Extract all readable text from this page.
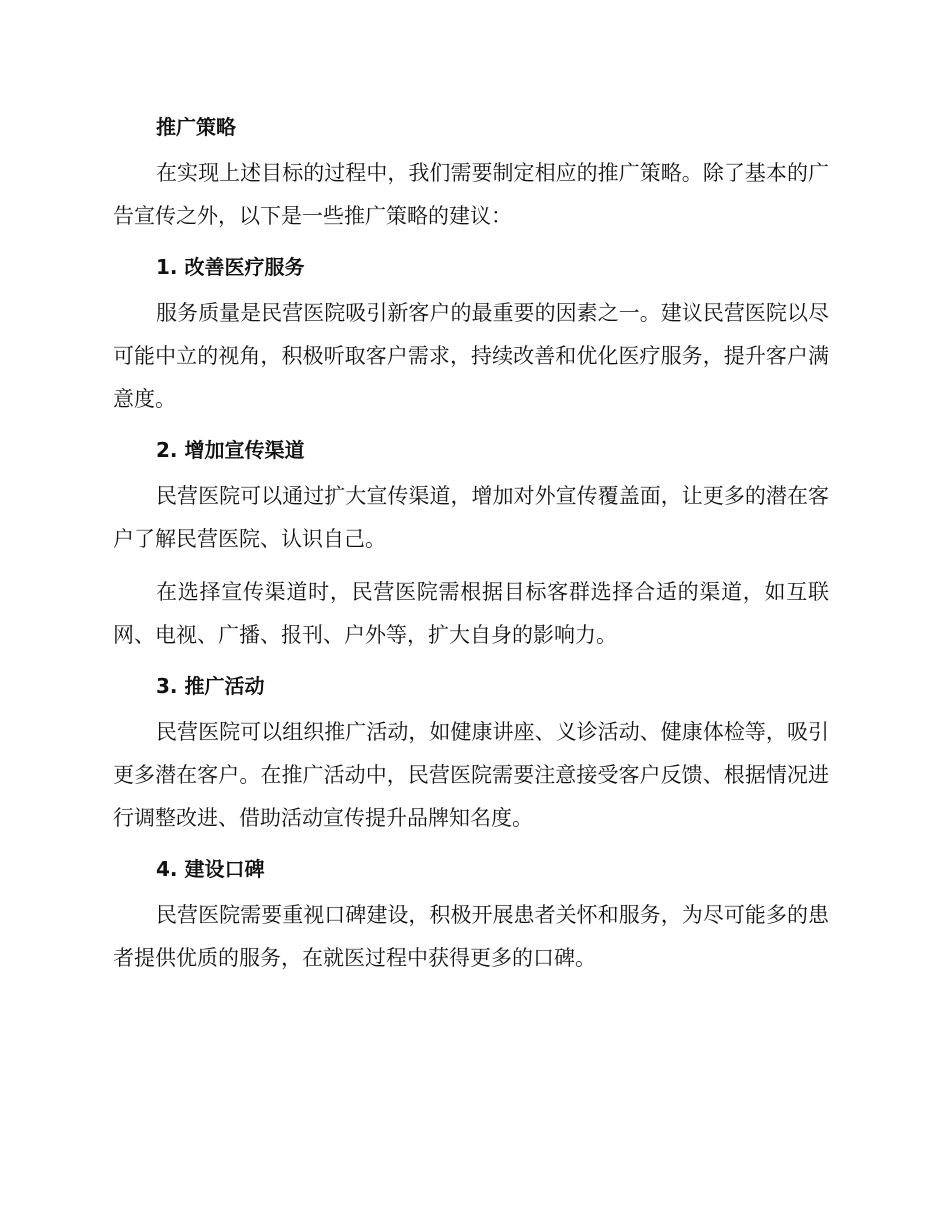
推广策略

在实现上述目标的过程中，我们需要制定相应的推广策略。除了基本的广告宣传之外，以下是一些推广策略的建议：

1. 改善医疗服务

服务质量是民营医院吸引新客户的最重要的因素之一。建议民营医院以尽可能中立的视角，积极听取客户需求，持续改善和优化医疗服务，提升客户满意度。

2. 增加宣传渠道

民营医院可以通过扩大宣传渠道，增加对外宣传覆盖面，让更多的潜在客户了解民营医院、认识自己。

在选择宣传渠道时，民营医院需根据目标客群选择合适的渠道，如互联网、电视、广播、报刊、户外等，扩大自身的影响力。

3. 推广活动

民营医院可以组织推广活动，如健康讲座、义诊活动、健康体检等，吸引更多潜在客户。在推广活动中，民营医院需要注意接受客户反馈、根据情况进行调整改进、借助活动宣传提升品牌知名度。

4. 建设口碑

民营医院需要重视口碑建设，积极开展患者关怀和服务，为尽可能多的患者提供优质的服务，在就医过程中获得更多的口碑。
